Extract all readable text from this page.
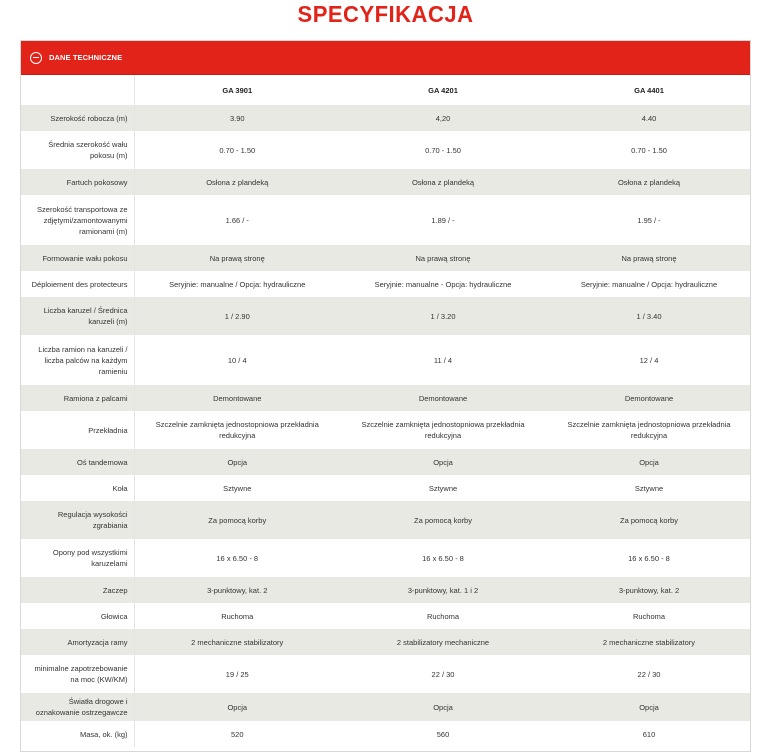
SPECYFIKACJA
DANE TECHNICZNE
	GA 3901	GA 4201	GA 4401
Szerokość robocza (m)	3.90	4,20	4.40
Średnia szerokość wału pokosu (m)	0.70 - 1.50	0.70 - 1.50	0.70 - 1.50
Fartuch pokosowy	Osłona z plandeką	Osłona z plandeką	Osłona z plandeką
Szerokość transportowa ze zdjętymi/zamontowanymi ramionami (m)	1.66 / -	1.89 / -	1.95 / -
Formowanie wału pokosu	Na prawą stronę	Na prawą stronę	Na prawą stronę
Déploiement des protecteurs	Seryjnie: manualne / Opcja: hydrauliczne	Seryjnie: manualne - Opcja: hydrauliczne	Seryjnie: manualne / Opcja: hydrauliczne
Liczba karuzel / Średnica karuzeli (m)	1 / 2.90	1 / 3.20	1 / 3.40
Liczba ramion na karuzeli / liczba palców na każdym ramieniu	10 / 4	11 / 4	12 / 4
Ramiona z palcami	Demontowane	Demontowane	Demontowane
Przekładnia	Szczelnie zamknięta jednostopniowa przekładnia redukcyjna	Szczelnie zamknięta jednostopniowa przekładnia redukcyjna	Szczelnie zamknięta jednostopniowa przekładnia redukcyjna
Oś tandemowa	Opcja	Opcja	Opcja
Koła	Sztywne	Sztywne	Sztywne
Regulacja wysokości zgrabiania	Za pomocą korby	Za pomocą korby	Za pomocą korby
Opony pod wszystkimi karuzelami	16 x 6.50 - 8	16 x 6.50 - 8	16 x 6.50 - 8
Zaczep	3-punktowy, kat. 2	3-punktowy, kat. 1 i 2	3-punktowy, kat. 2
Głowica	Ruchoma	Ruchoma	Ruchoma
Amortyzacja ramy	2 mechaniczne stabilizatory	2 stabilizatory mechaniczne	2 mechaniczne stabilizatory
minimalne zapotrzebowanie na moc (KW/KM)	19 / 25	22 / 30	22 / 30
Światła drogowe i oznakowanie ostrzegawcze	Opcja	Opcja	Opcja
Masa, ok. (kg)	520	560	610
